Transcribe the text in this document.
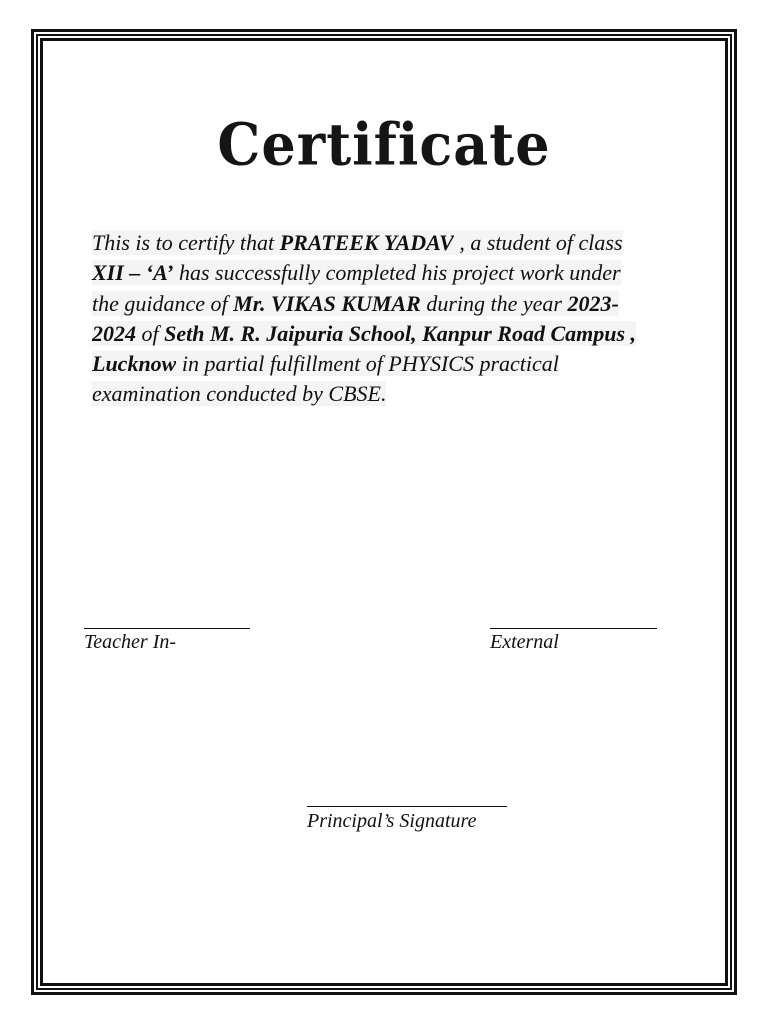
Certificate
This is to certify that PRATEEK YADAV , a student of class XII – ‘A’ has successfully completed his project work under the guidance of Mr. VIKAS KUMAR during the year 2023-2024 of Seth M. R. Jaipuria School, Kanpur Road Campus , Lucknow in partial fulfillment of PHYSICS practical examination conducted by CBSE.
Teacher In-	External
Principal’s Signature
